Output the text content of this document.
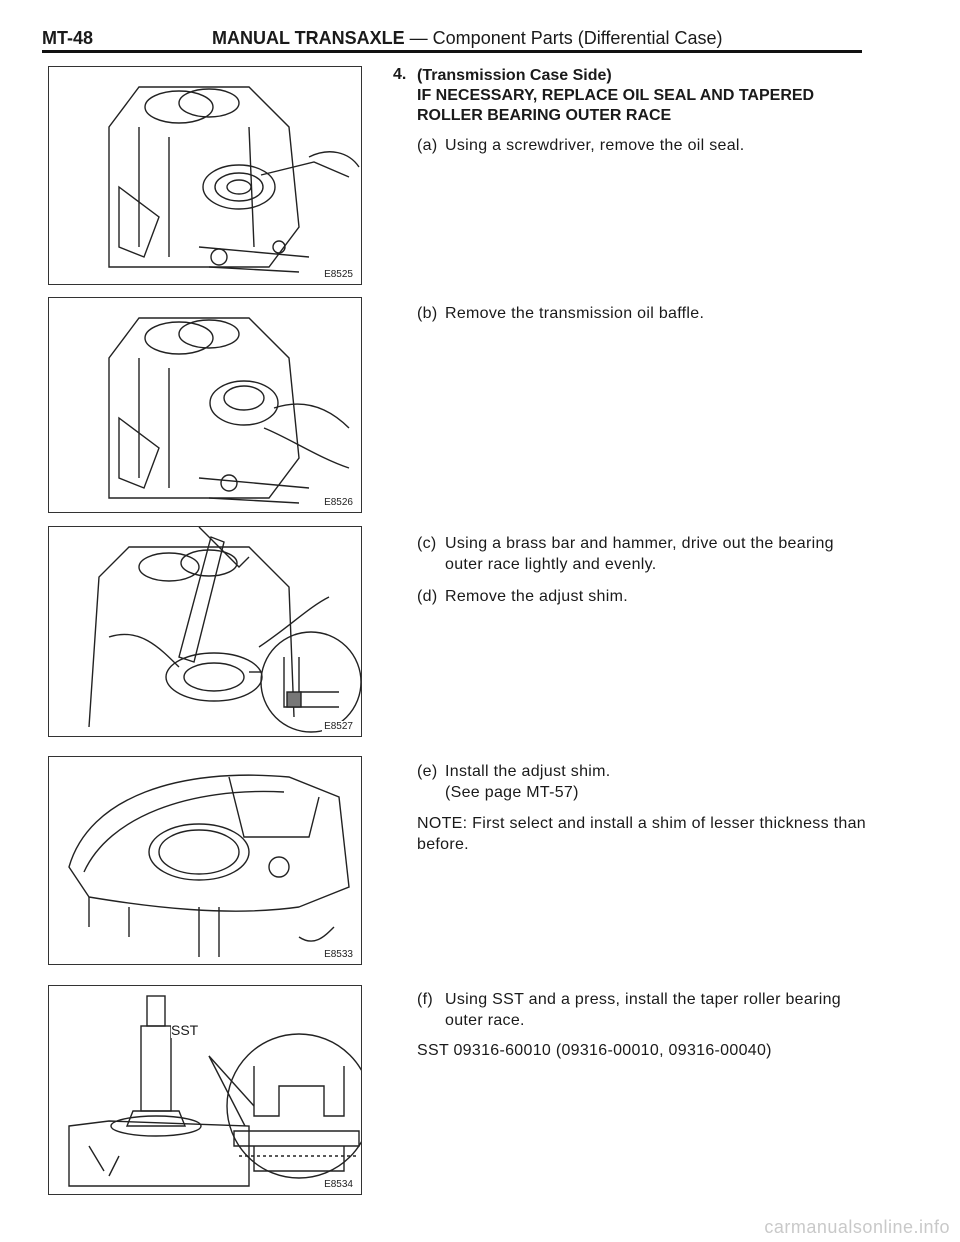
MT-48	MANUAL TRANSAXLE — Component Parts (Differential Case)
E8525
E8526
E8527
E8533
SST
E8534
4. (Transmission Case Side)
IF NECESSARY, REPLACE OIL SEAL AND TAPERED ROLLER BEARING OUTER RACE
(a) Using a screwdriver, remove the oil seal.
(b) Remove the transmission oil baffle.
(c) Using a brass bar and hammer, drive out the bearing outer race lightly and evenly.
(d) Remove the adjust shim.
(e) Install the adjust shim.
(See page MT-57)
NOTE: First select and install a shim of lesser thickness than before.
(f) Using SST and a press, install the taper roller bearing outer race.
SST 09316-60010 (09316-00010, 09316-00040)
carmanualsonline.info
